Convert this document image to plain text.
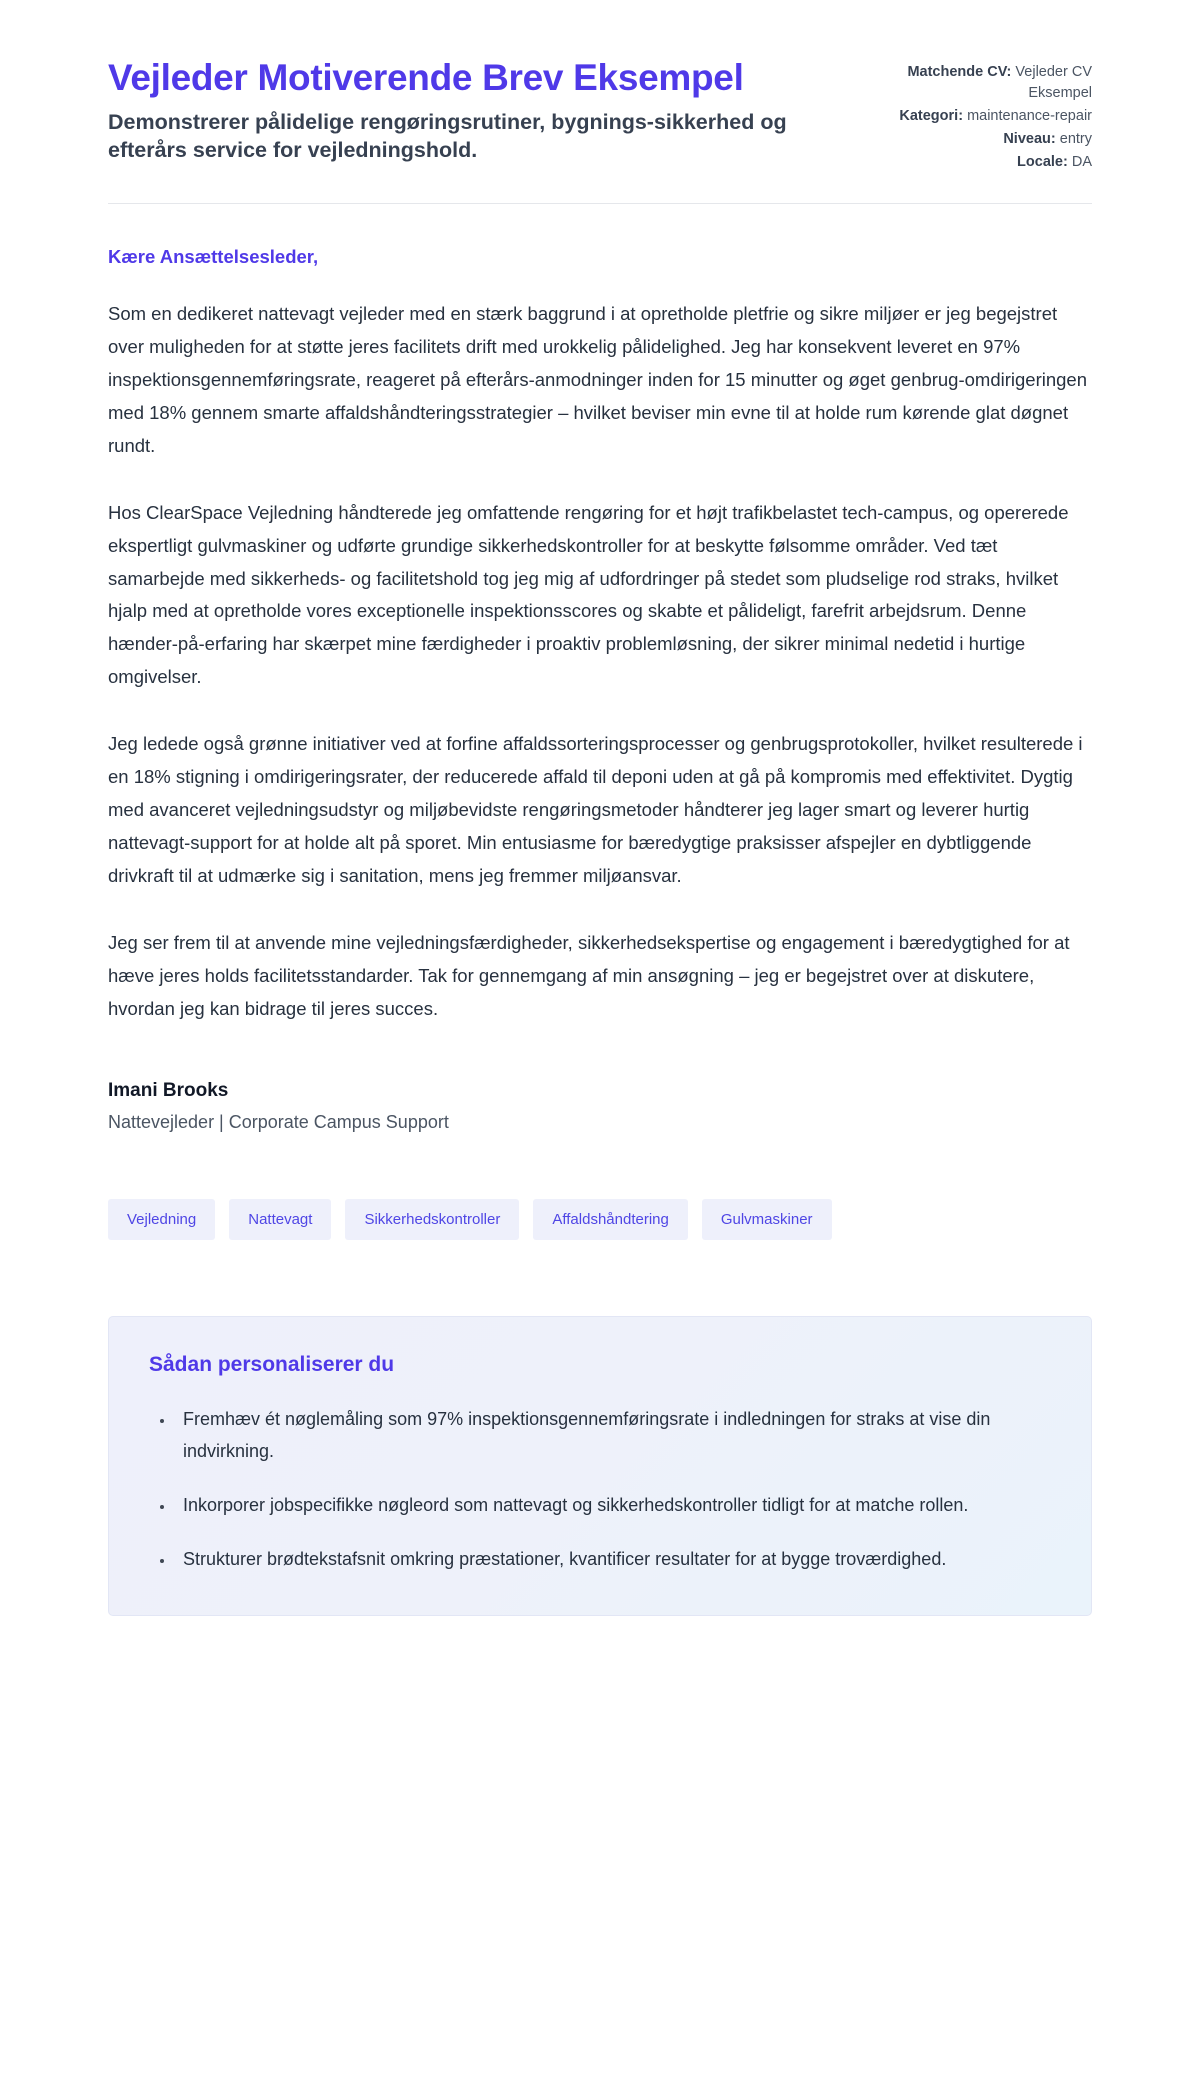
Vejleder Motiverende Brev Eksempel

Demonstrerer pålidelige rengøringsrutiner, bygnings-sikkerhed og efterårs service for vejledningshold.

Matchende CV: Vejleder CV Eksempel
Kategori: maintenance-repair
Niveau: entry
Locale: DA

Kære Ansættelsesleder,

Som en dedikeret nattevagt vejleder med en stærk baggrund i at opretholde pletfrie og sikre miljøer er jeg begejstret over muligheden for at støtte jeres facilitets drift med urokkelig pålidelighed. Jeg har konsekvent leveret en 97% inspektionsgennemføringsrate, reageret på efterårs-anmodninger inden for 15 minutter og øget genbrug-omdirigeringen med 18% gennem smarte affaldshåndteringsstrategier – hvilket beviser min evne til at holde rum kørende glat døgnet rundt.

Hos ClearSpace Vejledning håndterede jeg omfattende rengøring for et højt trafikbelastet tech-campus, og opererede ekspertligt gulvmaskiner og udførte grundige sikkerhedskontroller for at beskytte følsomme områder. Ved tæt samarbejde med sikkerheds- og facilitetshold tog jeg mig af udfordringer på stedet som pludselige rod straks, hvilket hjalp med at opretholde vores exceptionelle inspektionsscores og skabte et pålideligt, farefrit arbejdsrum. Denne hænder-på-erfaring har skærpet mine færdigheder i proaktiv problemløsning, der sikrer minimal nedetid i hurtige omgivelser.

Jeg ledede også grønne initiativer ved at forfine affaldssorteringsprocesser og genbrugsprotokoller, hvilket resulterede i en 18% stigning i omdirigeringsrater, der reducerede affald til deponi uden at gå på kompromis med effektivitet. Dygtig med avanceret vejledningsudstyr og miljøbevidste rengøringsmetoder håndterer jeg lager smart og leverer hurtig nattevagt-support for at holde alt på sporet. Min entusiasme for bæredygtige praksisser afspejler en dybtliggende drivkraft til at udmærke sig i sanitation, mens jeg fremmer miljøansvar.

Jeg ser frem til at anvende mine vejledningsfærdigheder, sikkerhedsekspertise og engagement i bæredygtighed for at hæve jeres holds facilitetsstandarder. Tak for gennemgang af min ansøgning – jeg er begejstret over at diskutere, hvordan jeg kan bidrage til jeres succes.

Imani Brooks

Nattevejleder | Corporate Campus Support

Vejledning	Nattevagt	Sikkerhedskontroller	Affaldshåndtering	Gulvmaskiner
Sådan personaliserer du
• Fremhæv ét nøglemåling som 97% inspektionsgennemføringsrate i indledningen for straks at vise din indvirkning.
• Inkorporer jobspecifikke nøgleord som nattevagt og sikkerhedskontroller tidligt for at matche rollen.
• Strukturer brødtekstafsnit omkring præstationer, kvantificer resultater for at bygge troværdighed.
